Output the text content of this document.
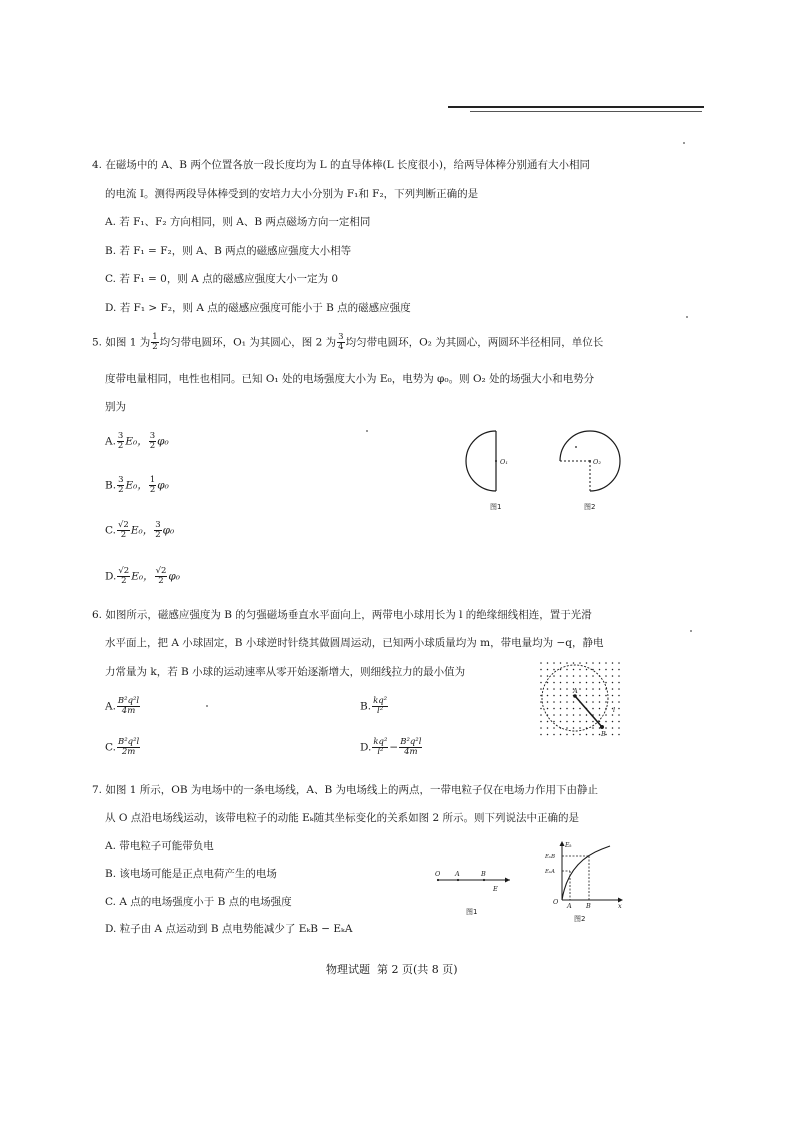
4. 在磁场中的 A、B 两个位置各放一段长度均为 L 的直导体棒(L 长度很小)，给两导体棒分别通有大小相同
的电流 I。测得两段导体棒受到的安培力大小分别为 F₁和 F₂，下列判断正确的是
A. 若 F₁、F₂ 方向相同，则 A、B 两点磁场方向一定相同
B. 若 F₁ = F₂，则 A、B 两点的磁感应强度大小相等
C. 若 F₁ = 0，则 A 点的磁感应强度大小一定为 0
D. 若 F₁ > F₂，则 A 点的磁感应强度可能小于 B 点的磁感应强度
5. 如图 1 为 $\frac{1}{2}$ 均匀带电圆环，O₁ 为其圆心，图 2 为 $\frac{3}{4}$ 均匀带电圆环，O₂ 为其圆心，两圆环半径相同，单位长
度带电量相同，电性也相同。已知 O₁ 处的电场强度大小为 E₀，电势为 φ₀。则 O₂ 处的场强大小和电势分
别为
A. $\frac{3}{2} E_0$， $\frac{3}{2} \varphi_0$
B. $\frac{3}{2} E_0$， $\frac{1}{2} \varphi_0$
C. $\frac{√2}{2} E_0$， $\frac{3}{2} \varphi_0$
D. $\frac{√2}{2} E_0$， $\frac{√2}{2} \varphi_0$
O₁
图1
O₂
图2
6. 如图所示，磁感应强度为 B 的匀强磁场垂直水平面向上，两带电小球用长为 l 的绝缘细线相连，置于光滑
水平面上，把 A 小球固定，B 小球逆时针绕其做圆周运动，已知两小球质量均为 m，带电量均为 −q，静电
力常量为 k，若 B 小球的运动速率从零开始逐渐增大，则细线拉力的最小值为
A. $\frac{\text{B²q²l}}{4m}$	B. $\frac{\text{kq²}}{\text{l²}}$
C. $\frac{\text{B²q²l}}{2m}$	D. $\frac{\text{kq²}}{\text{l²}} - \frac{\text{B²q²l}}{4m}$
A
B
l
7. 如图 1 所示，OB 为电场中的一条电场线，A、B 为电场线上的两点，一带电粒子仅在电场力作用下由静止
从 O 点沿电场线运动，该带电粒子的动能 Eₖ随其坐标变化的关系如图 2 所示。则下列说法中正确的是
A. 带电粒子可能带负电
B. 该电场可能是正点电荷产生的电场
C. A 点的电场强度小于 B 点的电场强度
D. 粒子由 A 点运动到 B 点电势能减少了 EₖB − EₖA
O A	B
E
图1
Eₖ
EₖB
EₖA
O A B	x
图2
物理试题  第 2 页(共 8 页)
